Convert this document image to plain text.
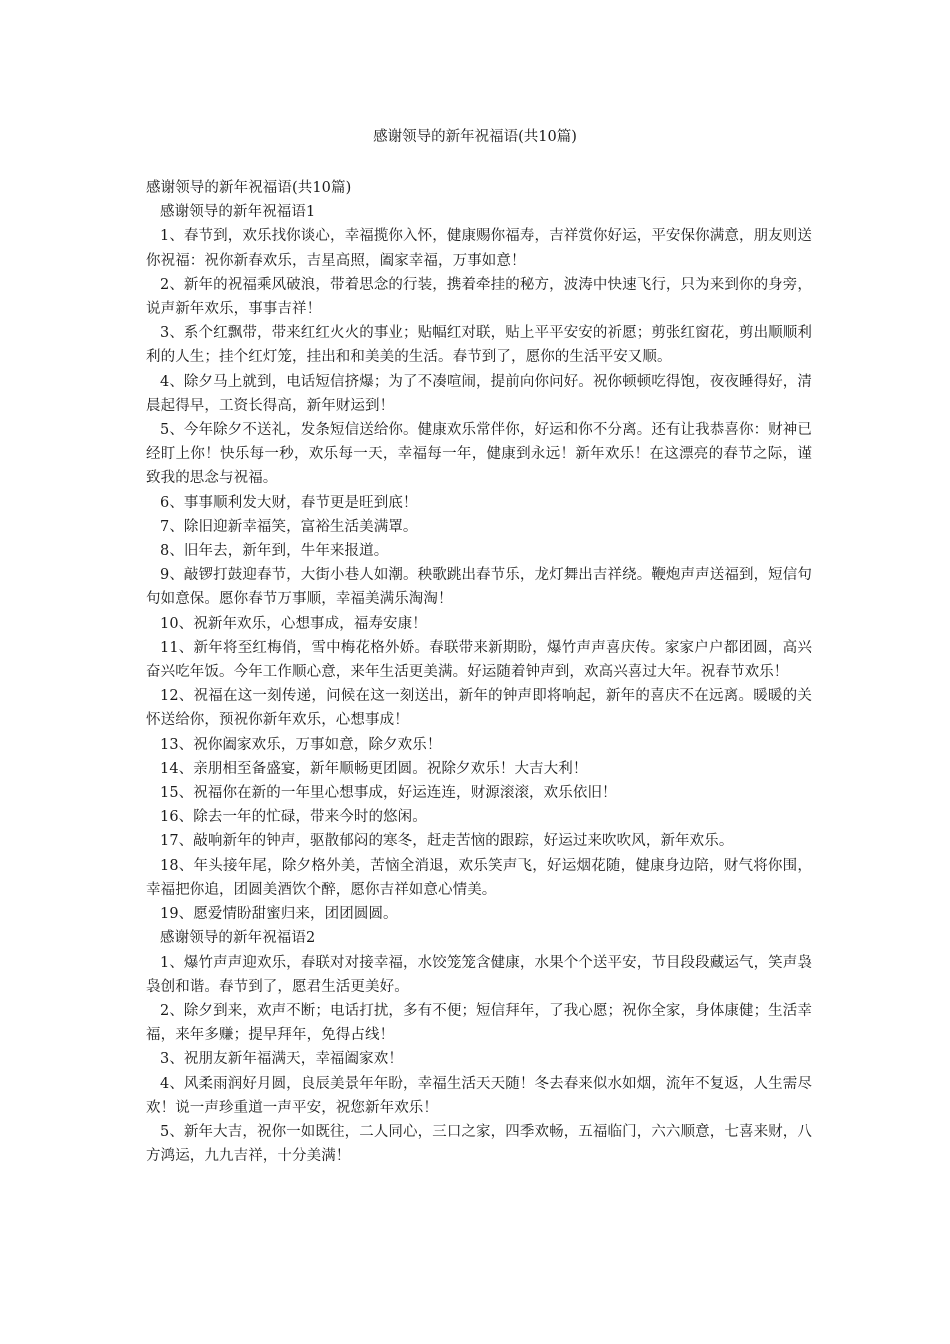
感谢领导的新年祝福语(共10篇)

感谢领导的新年祝福语(共10篇)

感谢领导的新年祝福语1

1、春节到，欢乐找你谈心，幸福揽你入怀，健康赐你福寿，吉祥赏你好运，平安保你满意，朋友则送你祝福：祝你新春欢乐，吉星高照，阖家幸福，万事如意！

2、新年的祝福乘风破浪，带着思念的行装，携着牵挂的秘方，波涛中快速飞行，只为来到你的身旁，说声新年欢乐，事事吉祥！

3、系个红飘带，带来红红火火的事业；贴幅红对联，贴上平平安安的祈愿；剪张红窗花，剪出顺顺利利的人生；挂个红灯笼，挂出和和美美的生活。春节到了，愿你的生活平安又顺。

4、除夕马上就到，电话短信挤爆；为了不凑喧闹，提前向你问好。祝你顿顿吃得饱，夜夜睡得好，清晨起得早，工资长得高，新年财运到！

5、今年除夕不送礼，发条短信送给你。健康欢乐常伴你，好运和你不分离。还有让我恭喜你：财神已经盯上你！快乐每一秒，欢乐每一天，幸福每一年，健康到永远！新年欢乐！在这漂亮的春节之际，谨致我的思念与祝福。

6、事事顺利发大财，春节更是旺到底！

7、除旧迎新幸福笑，富裕生活美满罩。

8、旧年去，新年到，牛年来报道。

9、敲锣打鼓迎春节，大街小巷人如潮。秧歌跳出春节乐，龙灯舞出吉祥绕。鞭炮声声送福到，短信句句如意保。愿你春节万事顺，幸福美满乐淘淘！

10、祝新年欢乐，心想事成，福寿安康！

11、新年将至红梅俏，雪中梅花格外娇。春联带来新期盼，爆竹声声喜庆传。家家户户都团圆，高兴奋兴吃年饭。今年工作顺心意，来年生活更美满。好运随着钟声到，欢高兴喜过大年。祝春节欢乐！

12、祝福在这一刻传递，问候在这一刻送出，新年的钟声即将响起，新年的喜庆不在远离。暖暖的关怀送给你，预祝你新年欢乐，心想事成！

13、祝你阖家欢乐，万事如意，除夕欢乐！

14、亲朋相至备盛宴，新年顺畅更团圆。祝除夕欢乐！大吉大利！

15、祝福你在新的一年里心想事成，好运连连，财源滚滚，欢乐依旧！

16、除去一年的忙碌，带来今时的悠闲。

17、敲响新年的钟声，驱散郁闷的寒冬，赶走苦恼的跟踪，好运过来吹吹风，新年欢乐。

18、年头接年尾，除夕格外美，苦恼全消退，欢乐笑声飞，好运烟花随，健康身边陪，财气将你围，幸福把你追，团圆美酒饮个醉，愿你吉祥如意心情美。

19、愿爱情盼甜蜜归来，团团圆圆。

感谢领导的新年祝福语2

1、爆竹声声迎欢乐，春联对对接幸福，水饺笼笼含健康，水果个个送平安，节目段段藏运气，笑声袅袅创和谐。春节到了，愿君生活更美好。

2、除夕到来，欢声不断；电话打扰，多有不便；短信拜年，了我心愿；祝你全家，身体康健；生活幸福，来年多赚；提早拜年，免得占线！

3、祝朋友新年福满天，幸福阖家欢！

4、风柔雨润好月圆，良辰美景年年盼，幸福生活天天随！冬去春来似水如烟，流年不复返，人生需尽欢！说一声珍重道一声平安，祝您新年欢乐！

5、新年大吉，祝你一如既往，二人同心，三口之家，四季欢畅，五福临门，六六顺意，七喜来财，八方鸿运，九九吉祥，十分美满！
